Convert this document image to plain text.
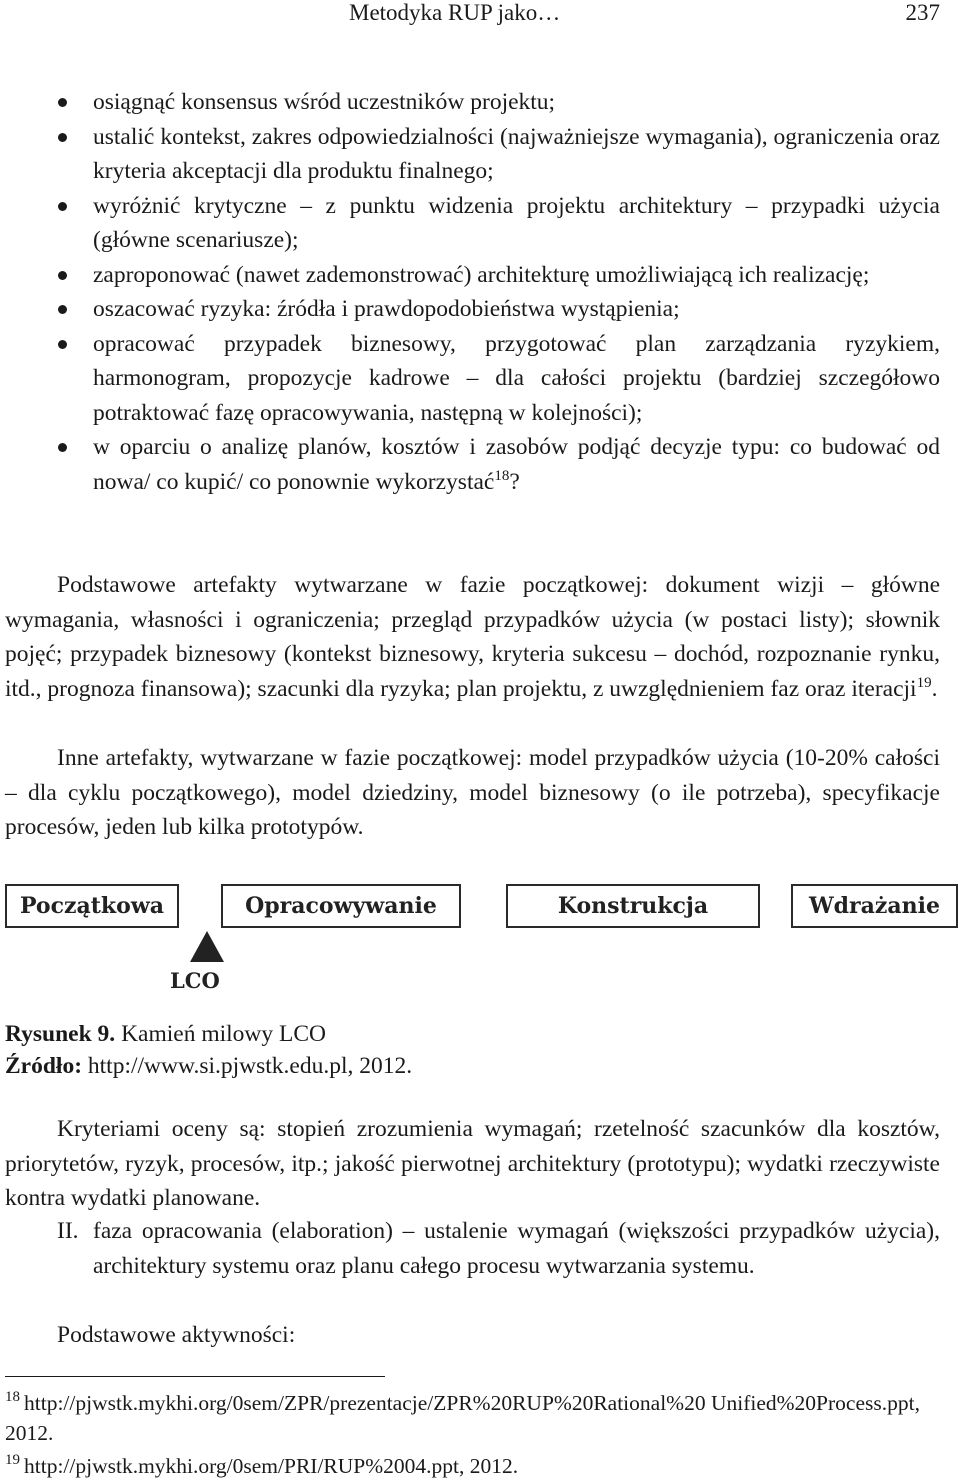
Metodyka RUP jako…	237
osiągnąć konsensus wśród uczestników projektu;
ustalić kontekst, zakres odpowiedzialności (najważniejsze wymagania), ograniczenia oraz kryteria akceptacji dla produktu finalnego;
wyróżnić krytyczne – z punktu widzenia projektu architektury – przypadki użycia (główne scenariusze);
zaproponować (nawet zademonstrować) architekturę umożliwiającą ich realizację;
oszacować ryzyka: źródła i prawdopodobieństwa wystąpienia;
opracować przypadek biznesowy, przygotować plan zarządzania ryzykiem, harmonogram, propozycje kadrowe – dla całości projektu (bardziej szczegółowo potraktować fazę opracowywania, następną w kolejności);
w oparciu o analizę planów, kosztów i zasobów podjąć decyzje typu: co budować od nowa/ co kupić/ co ponownie wykorzystać$^{18}$?

Podstawowe artefakty wytwarzane w fazie początkowej: dokument wizji – główne wymagania, własności i ograniczenia; przegląd przypadków użycia (w postaci listy); słownik pojęć; przypadek biznesowy (kontekst biznesowy, kryteria sukcesu – dochód, rozpoznanie rynku, itd., prognoza finansowa); szacunki dla ryzyka; plan projektu, z uwzględnieniem faz oraz iteracji$^{19}$.

Inne artefakty, wytwarzane w fazie początkowej: model przypadków użycia (10-20% całości – dla cyklu początkowego), model dziedziny, model biznesowy (o ile potrzeba), specyfikacje procesów, jeden lub kilka prototypów.

Początkowa	Opracowywanie	Konstrukcja	Wdrażanie
LCO
Rysunek 9. Kamień milowy LCO
Źródło: http://www.si.pjwstk.edu.pl, 2012.

Kryteriami oceny są: stopień zrozumienia wymagań; rzetelność szacunków dla kosztów, priorytetów, ryzyk, procesów, itp.; jakość pierwotnej architektury (prototypu); wydatki rzeczywiste kontra wydatki planowane.

II. faza opracowania (elaboration) – ustalenie wymagań (większości przypadków użycia), architektury systemu oraz planu całego procesu wytwarzania systemu.

Podstawowe aktywności:

$^{18}$ http://pjwstk.mykhi.org/0sem/ZPR/prezentacje/ZPR%20RUP%20Rational%20 Unified%20Process.ppt, 2012.
$^{19}$ http://pjwstk.mykhi.org/0sem/PRI/RUP%2004.ppt, 2012.
